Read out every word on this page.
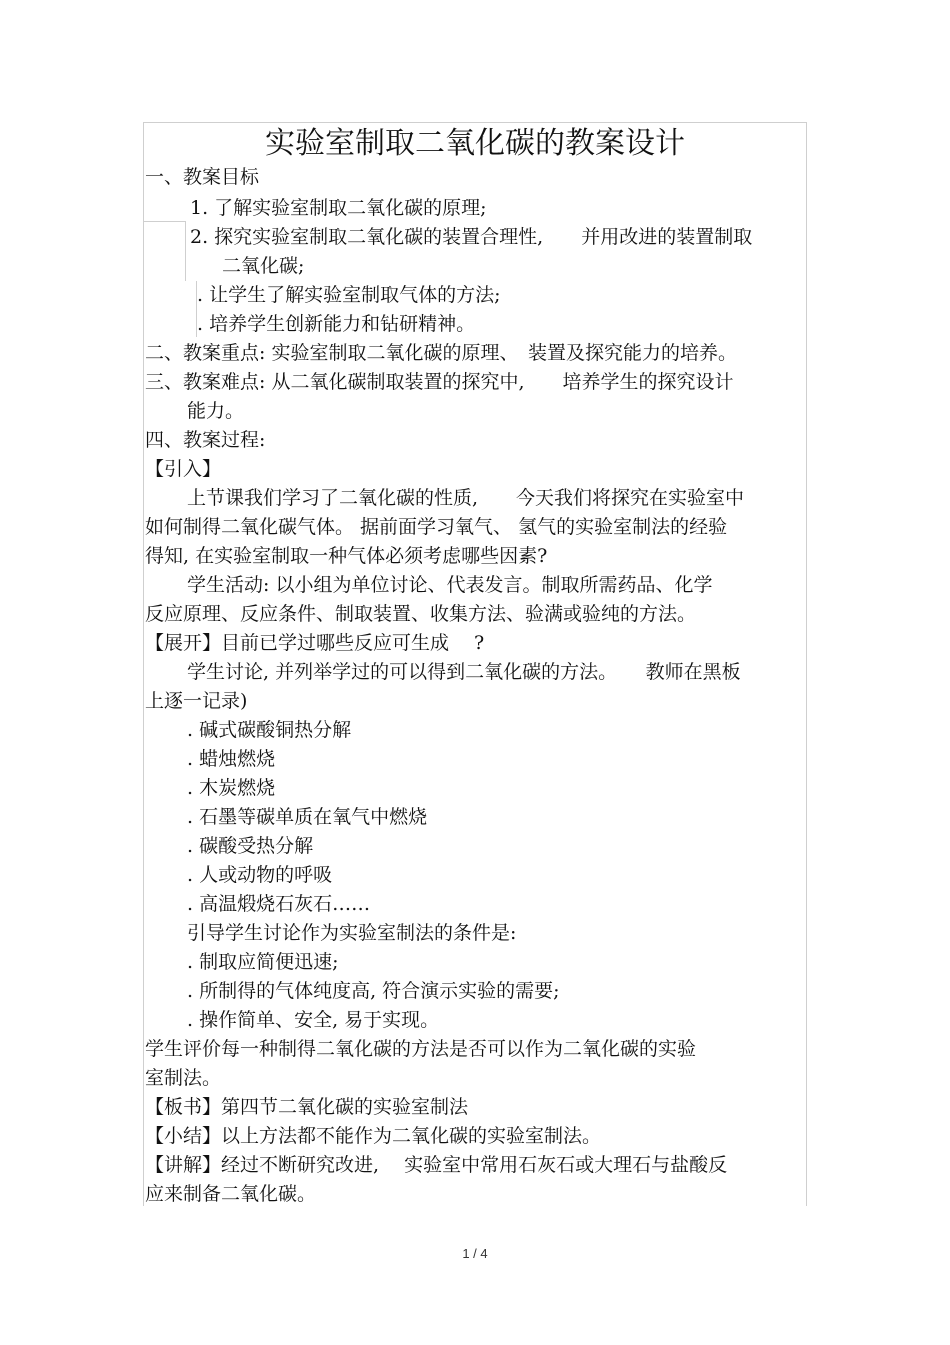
实验室制取二氧化碳的教案设计
一、教案目标
1. 了解实验室制取二氧化碳的原理;
2. 探究实验室制取二氧化碳的装置合理性,　　并用改进的装置制取
二氧化碳;
. 让学生了解实验室制取气体的方法;
. 培养学生创新能力和钻研精神。
二、教案重点: 实验室制取二氧化碳的原理、　装置及探究能力的培养。
三、教案难点: 从二氧化碳制取装置的探究中,　　培养学生的探究设计
能力。
四、教案过程:
【引入】
上节课我们学习了二氧化碳的性质,　　今天我们将探究在实验室中
如何制得二氧化碳气体。 据前面学习氧气、 氢气的实验室制法的经验
得知, 在实验室制取一种气体必须考虑哪些因素?
学生活动: 以小组为单位讨论、代表发言。制取所需药品、化学
反应原理、反应条件、制取装置、收集方法、验满或验纯的方法。
【展开】目前已学过哪些反应可生成　 ?
学生讨论, 并列举学过的可以得到二氧化碳的方法。　　教师在黑板
上逐一记录)
. 碱式碳酸铜热分解
. 蜡烛燃烧
. 木炭燃烧
. 石墨等碳单质在氧气中燃烧
. 碳酸受热分解
. 人或动物的呼吸
. 高温煅烧石灰石……
引导学生讨论作为实验室制法的条件是:
. 制取应简便迅速;
. 所制得的气体纯度高, 符合演示实验的需要;
. 操作简单、安全, 易于实现。
学生评价每一种制得二氧化碳的方法是否可以作为二氧化碳的实验
室制法。
【板书】第四节二氧化碳的实验室制法
【小结】以上方法都不能作为二氧化碳的实验室制法。
【讲解】经过不断研究改进,　 实验室中常用石灰石或大理石与盐酸反
应来制备二氧化碳。
1 / 4
